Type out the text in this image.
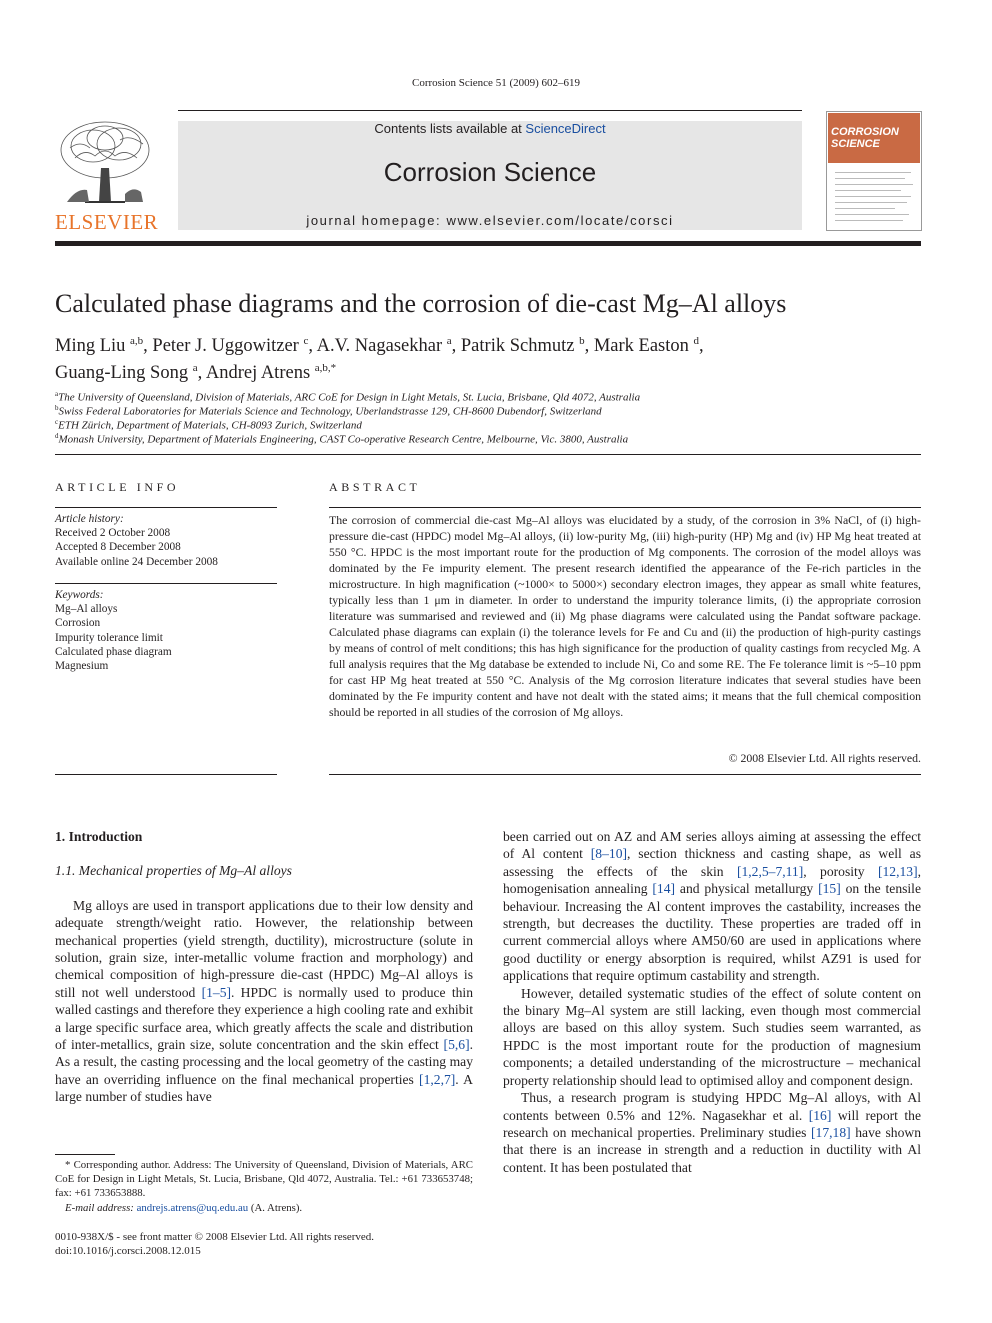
Corrosion Science 51 (2009) 602–619
ELSEVIER
Contents lists available at ScienceDirect
Corrosion Science
journal homepage: www.elsevier.com/locate/corsci
CORROSION SCIENCE
Calculated phase diagrams and the corrosion of die-cast Mg–Al alloys
Ming Liu $^{a,b}$, Peter J. Uggowitzer $^c$, A.V. Nagasekhar $^a$, Patrik Schmutz $^b$, Mark Easton $^d$,
Guang-Ling Song $^a$, Andrej Atrens $^{a,b,*}$
$^a$The University of Queensland, Division of Materials, ARC CoE for Design in Light Metals, St. Lucia, Brisbane, Qld 4072, Australia
$^b$Swiss Federal Laboratories for Materials Science and Technology, Uberlandstrasse 129, CH-8600 Dubendorf, Switzerland
$^c$ETH Zürich, Department of Materials, CH-8093 Zurich, Switzerland
$^d$Monash University, Department of Materials Engineering, CAST Co-operative Research Centre, Melbourne, Vic. 3800, Australia
ARTICLE INFO
Article history:
Received 2 October 2008
Accepted 8 December 2008
Available online 24 December 2008
Keywords:
Mg–Al alloys
Corrosion
Impurity tolerance limit
Calculated phase diagram
Magnesium
ABSTRACT
The corrosion of commercial die-cast Mg–Al alloys was elucidated by a study, of the corrosion in 3% NaCl, of (i) high-pressure die-cast (HPDC) model Mg–Al alloys, (ii) low-purity Mg, (iii) high-purity (HP) Mg and (iv) HP Mg heat treated at 550 °C. HPDC is the most important route for the production of Mg components. The corrosion of the model alloys was dominated by the Fe impurity element. The present research identified the appearance of the Fe-rich particles in the microstructure. In high magnification (~1000× to 5000×) secondary electron images, they appear as small white features, typically less than 1 μm in diameter. In order to understand the impurity tolerance limits, (i) the appropriate corrosion literature was summarised and reviewed and (ii) Mg phase diagrams were calculated using the Pandat software package. Calculated phase diagrams can explain (i) the tolerance levels for Fe and Cu and (ii) the production of high-purity castings by means of control of melt conditions; this has high significance for the production of quality castings from recycled Mg. A full analysis requires that the Mg database be extended to include Ni, Co and some RE. The Fe tolerance limit is ~5–10 ppm for cast HP Mg heat treated at 550 °C. Analysis of the Mg corrosion literature indicates that several studies have been dominated by the Fe impurity content and have not dealt with the stated aims; it means that the full chemical composition should be reported in all studies of the corrosion of Mg alloys.
© 2008 Elsevier Ltd. All rights reserved.

1. Introduction

1.1. Mechanical properties of Mg–Al alloys

Mg alloys are used in transport applications due to their low density and adequate strength/weight ratio. However, the relationship between mechanical properties (yield strength, ductility), microstructure (solute in solution, grain size, inter-metallic volume fraction and morphology) and chemical composition of high-pressure die-cast (HPDC) Mg–Al alloys is still not well understood [1–5]. HPDC is normally used to produce thin walled castings and therefore they experience a high cooling rate and exhibit a large specific surface area, which greatly affects the scale and distribution of inter-metallics, grain size, solute concentration and the skin effect [5,6]. As a result, the casting processing and the local geometry of the casting may have an overriding influence on the final mechanical properties [1,2,7]. A large number of studies have

been carried out on AZ and AM series alloys aiming at assessing the effect of Al content [8–10], section thickness and casting shape, as well as assessing the effects of the skin [1,2,5–7,11], porosity [12,13], homogenisation annealing [14] and physical metallurgy [15] on the tensile behaviour. Increasing the Al content improves the castability, increases the strength, but decreases the ductility. These properties are traded off in current commercial alloys where AM50/60 are used in applications where good ductility or energy absorption is required, whilst AZ91 is used for applications that require optimum castability and strength.

However, detailed systematic studies of the effect of solute content on the binary Mg–Al system are still lacking, even though most commercial alloys are based on this alloy system. Such studies seem warranted, as HPDC is the most important route for the production of magnesium components; a detailed understanding of the microstructure – mechanical property relationship should lead to optimised alloy and component design.

Thus, a research program is studying HPDC Mg–Al alloys, with Al contents between 0.5% and 12%. Nagasekhar et al. [16] will report the research on mechanical properties. Preliminary studies [17,18] have shown that there is an increase in strength and a reduction in ductility with Al content. It has been postulated that

* Corresponding author. Address: The University of Queensland, Division of Materials, ARC CoE for Design in Light Metals, St. Lucia, Brisbane, Qld 4072, Australia. Tel.: +61 733653748; fax: +61 733653888.
E-mail address: andrejs.atrens@uq.edu.au (A. Atrens).
0010-938X/$ - see front matter © 2008 Elsevier Ltd. All rights reserved.
doi:10.1016/j.corsci.2008.12.015
